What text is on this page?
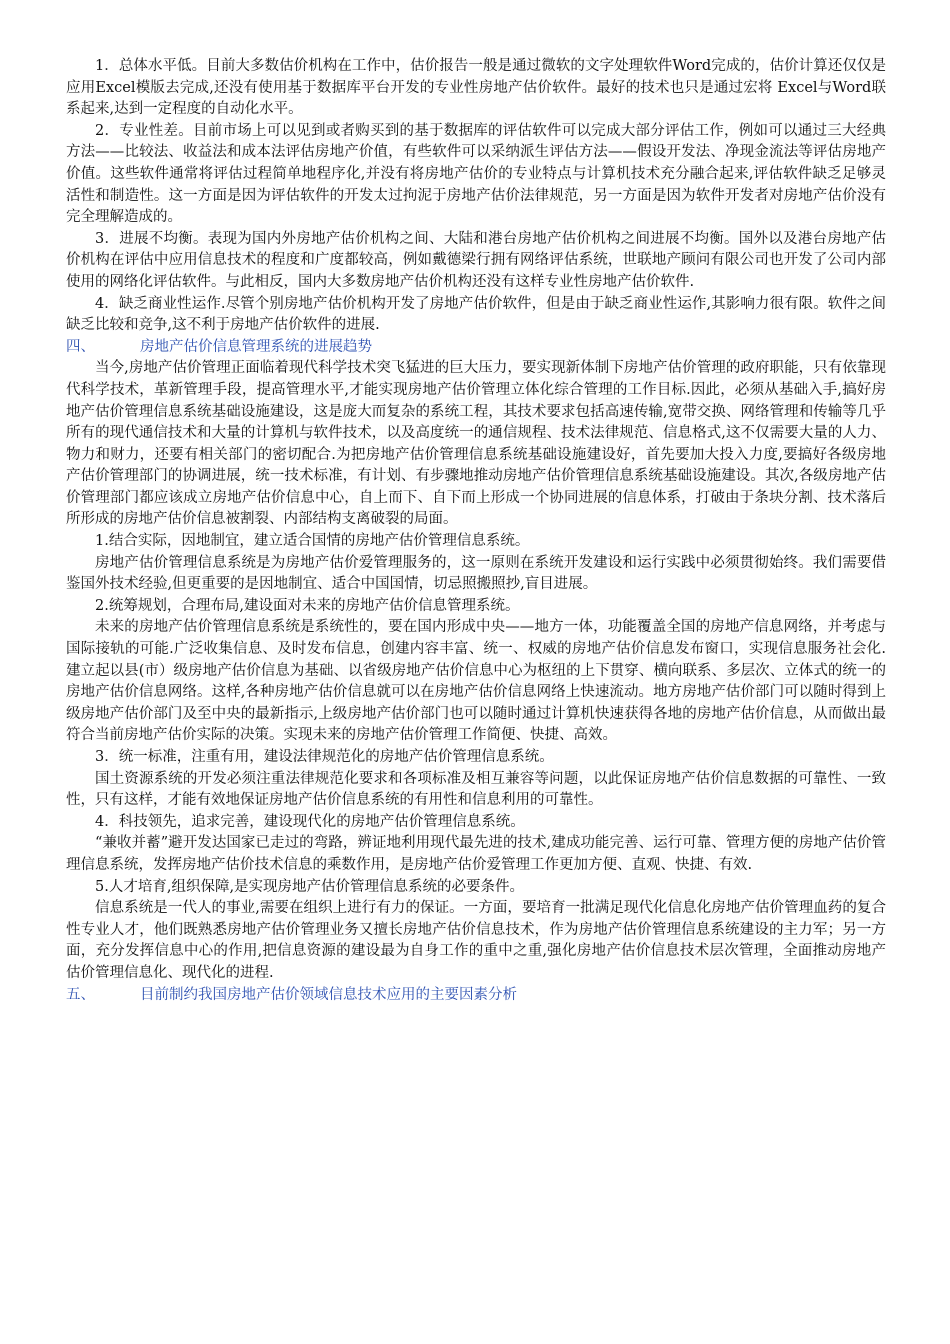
1．总体水平低。目前大多数估价机构在工作中，估价报告一般是通过微软的文字处理软件Word完成的，估价计算还仅仅是应用Excel模版去完成,还没有使用基于数据库平台开发的专业性房地产估价软件。最好的技术也只是通过宏将 Excel与Word联系起来,达到一定程度的自动化水平。

2．专业性差。目前市场上可以见到或者购买到的基于数据库的评估软件可以完成大部分评估工作，例如可以通过三大经典方法——比较法、收益法和成本法评估房地产价值，有些软件可以采纳派生评估方法——假设开发法、净现金流法等评估房地产价值。这些软件通常将评估过程简单地程序化,并没有将房地产估价的专业特点与计算机技术充分融合起来,评估软件缺乏足够灵活性和制造性。这一方面是因为评估软件的开发太过拘泥于房地产估价法律规范，另一方面是因为软件开发者对房地产估价没有完全理解造成的。

3．进展不均衡。表现为国内外房地产估价机构之间、大陆和港台房地产估价机构之间进展不均衡。国外以及港台房地产估价机构在评估中应用信息技术的程度和广度都较高，例如戴德梁行拥有网络评估系统，世联地产顾问有限公司也开发了公司内部使用的网络化评估软件。与此相反，国内大多数房地产估价机构还没有这样专业性房地产估价软件.

4．缺乏商业性运作.尽管个别房地产估价机构开发了房地产估价软件，但是由于缺乏商业性运作,其影响力很有限。软件之间缺乏比较和竞争,这不利于房地产估价软件的进展.

四、	房地产估价信息管理系统的进展趋势

当今,房地产估价管理正面临着现代科学技术突飞猛进的巨大压力，要实现新体制下房地产估价管理的政府职能，只有依靠现代科学技术，革新管理手段，提高管理水平,才能实现房地产估价管理立体化综合管理的工作目标.因此，必须从基础入手,搞好房地产估价管理信息系统基础设施建设，这是庞大而复杂的系统工程，其技术要求包括高速传输,宽带交换、网络管理和传输等几乎所有的现代通信技术和大量的计算机与软件技术，以及高度统一的通信规程、技术法律规范、信息格式,这不仅需要大量的人力、物力和财力，还要有相关部门的密切配合.为把房地产估价管理信息系统基础设施建设好，首先要加大投入力度,要搞好各级房地产估价管理部门的协调进展，统一技术标准，有计划、有步骤地推动房地产估价管理信息系统基础设施建设。其次,各级房地产估价管理部门都应该成立房地产估价信息中心，自上而下、自下而上形成一个协同进展的信息体系，打破由于条块分割、技术落后所形成的房地产估价信息被割裂、内部结构支离破裂的局面。

1.结合实际，因地制宜，建立适合国情的房地产估价管理信息系统。

房地产估价管理信息系统是为房地产估价爱管理服务的，这一原则在系统开发建设和运行实践中必须贯彻始终。我们需要借鉴国外技术经验,但更重要的是因地制宜、适合中国国情，切忌照搬照抄,盲目进展。

2.统筹规划，合理布局,建设面对未来的房地产估价信息管理系统。

未来的房地产估价管理信息系统是系统性的，要在国内形成中央——地方一体，功能覆盖全国的房地产信息网络，并考虑与国际接轨的可能.广泛收集信息、及时发布信息，创建内容丰富、统一、权威的房地产估价信息发布窗口，实现信息服务社会化.建立起以县(市）级房地产估价信息为基础、以省级房地产估价信息中心为枢纽的上下贯穿、横向联系、多层次、立体式的统一的房地产估价信息网络。这样,各种房地产估价信息就可以在房地产估价信息网络上快速流动。地方房地产估价部门可以随时得到上级房地产估价部门及至中央的最新指示,上级房地产估价部门也可以随时通过计算机快速获得各地的房地产估价信息，从而做出最符合当前房地产估价实际的决策。实现未来的房地产估价管理工作简便、快捷、高效。

3．统一标准，注重有用，建设法律规范化的房地产估价管理信息系统。

国土资源系统的开发必须注重法律规范化要求和各项标准及相互兼容等问题，以此保证房地产估价信息数据的可靠性、一致性，只有这样，才能有效地保证房地产估价信息系统的有用性和信息利用的可靠性。

4．科技领先，追求完善，建设现代化的房地产估价管理信息系统。

“兼收并蓄”避开发达国家已走过的弯路，辨证地利用现代最先进的技术,建成功能完善、运行可靠、管理方便的房地产估价管理信息系统，发挥房地产估价技术信息的乘数作用，是房地产估价爱管理工作更加方便、直观、快捷、有效.

5.人才培育,组织保障,是实现房地产估价管理信息系统的必要条件。

信息系统是一代人的事业,需要在组织上进行有力的保证。一方面，要培育一批满足现代化信息化房地产估价管理血药的复合性专业人才，他们既熟悉房地产估价管理业务又擅长房地产估价信息技术，作为房地产估价管理信息系统建设的主力军；另一方面，充分发挥信息中心的作用,把信息资源的建设最为自身工作的重中之重,强化房地产估价信息技术层次管理，全面推动房地产估价管理信息化、现代化的进程.

五、	目前制约我国房地产估价领域信息技术应用的主要因素分析
